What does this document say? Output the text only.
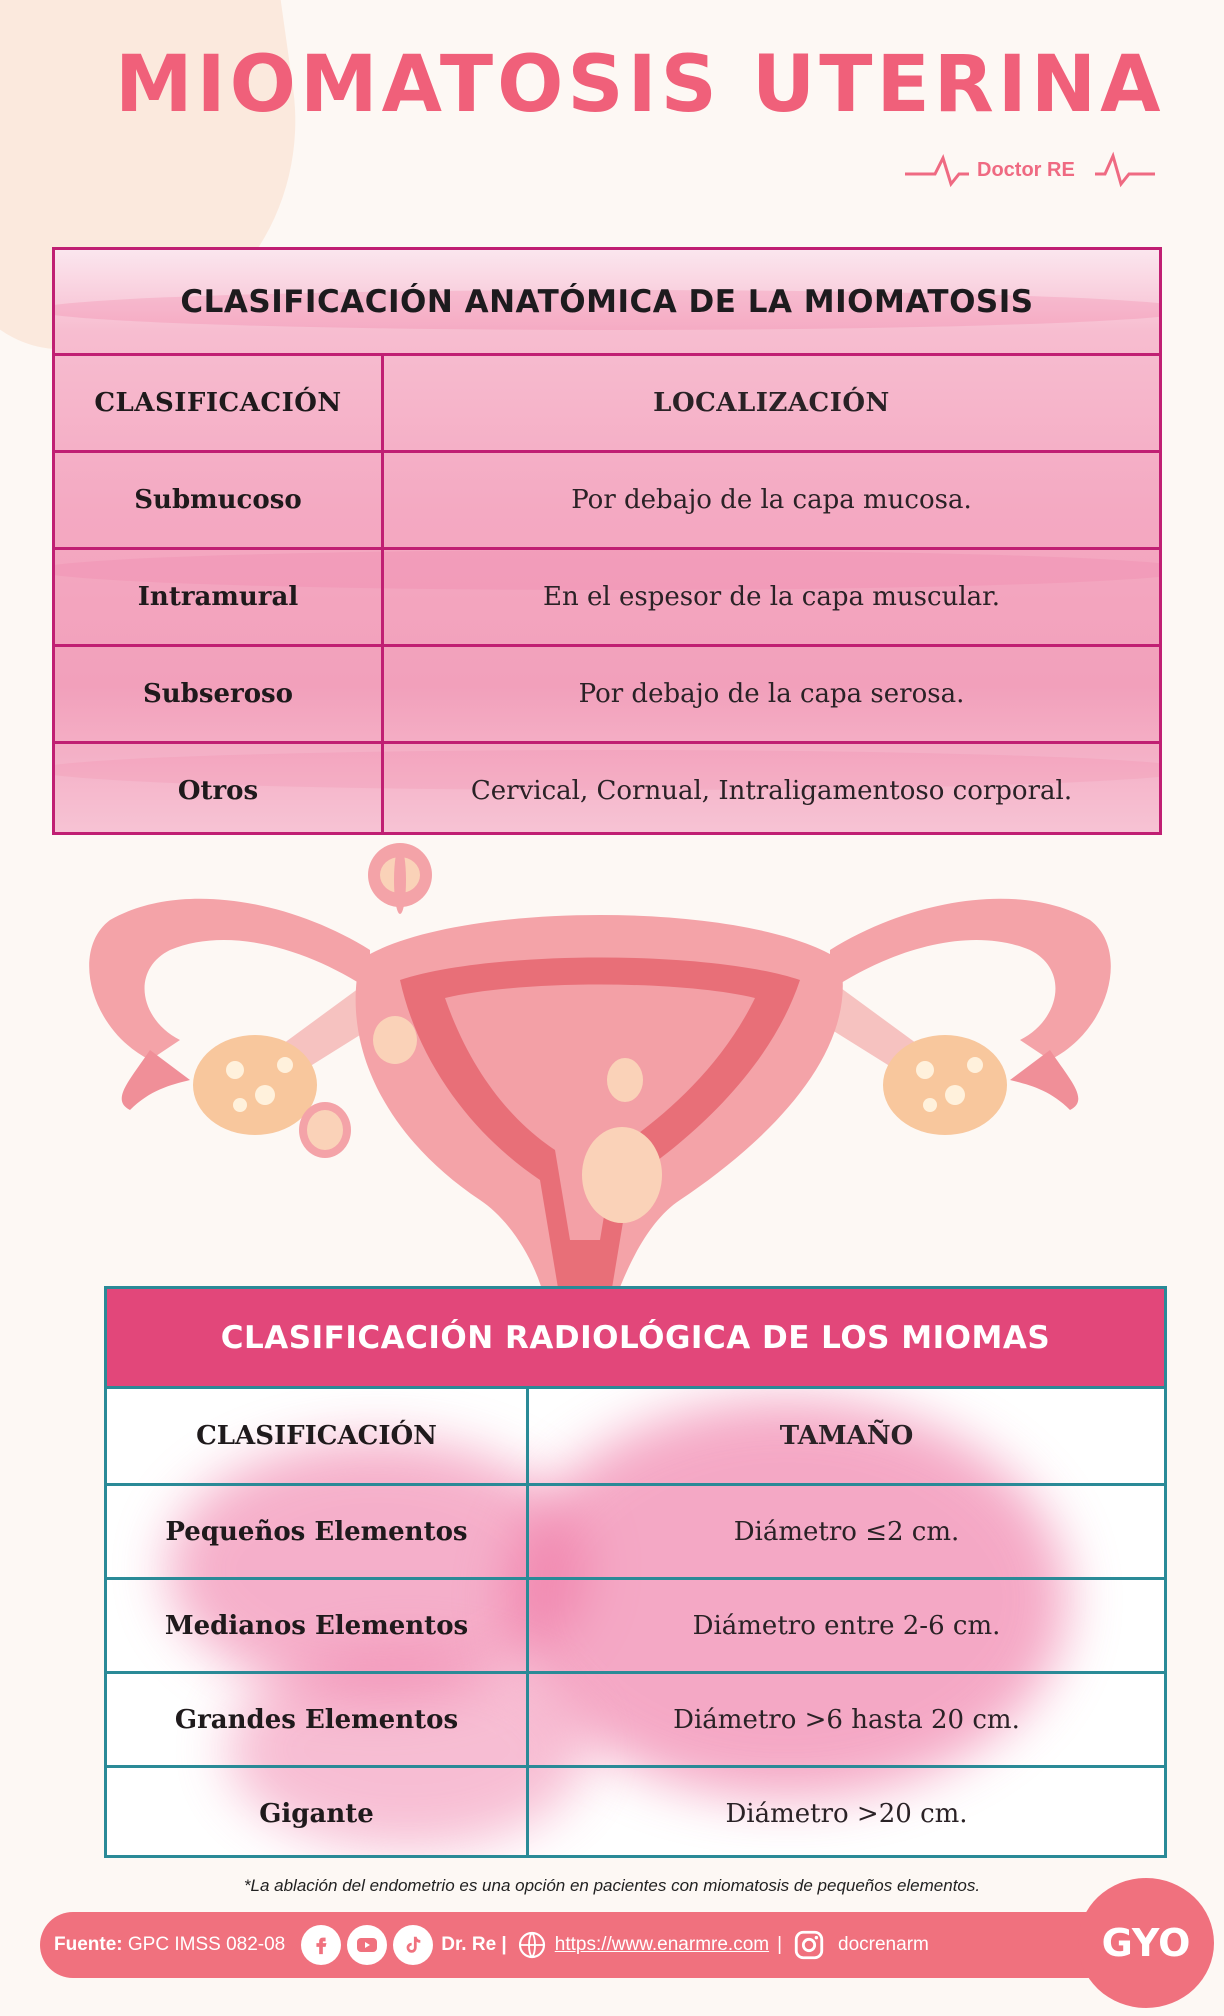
MIOMATOSIS UTERINA
Doctor RE
CLASIFICACIÓN ANATÓMICA DE LA MIOMATOSIS
CLASIFICACIÓN	LOCALIZACIÓN
Submucoso	Por debajo de la capa mucosa.
Intramural	En el espesor de la capa muscular.
Subseroso	Por debajo de la capa serosa.
Otros	Cervical, Cornual, Intraligamentoso corporal.
CLASIFICACIÓN RADIOLÓGICA DE LOS MIOMAS
CLASIFICACIÓN	TAMAÑO
Pequeños Elementos	Diámetro ≤2 cm.
Medianos Elementos	Diámetro entre 2-6 cm.
Grandes Elementos	Diámetro >6 hasta 20 cm.
Gigante	Diámetro >20 cm.
*La ablación del endometrio es una opción en pacientes con miomatosis de pequeños elementos.
Fuente: GPC IMSS 082-08	Dr. Re |	https://www.enarmre.com |	docrenarm	GYO
